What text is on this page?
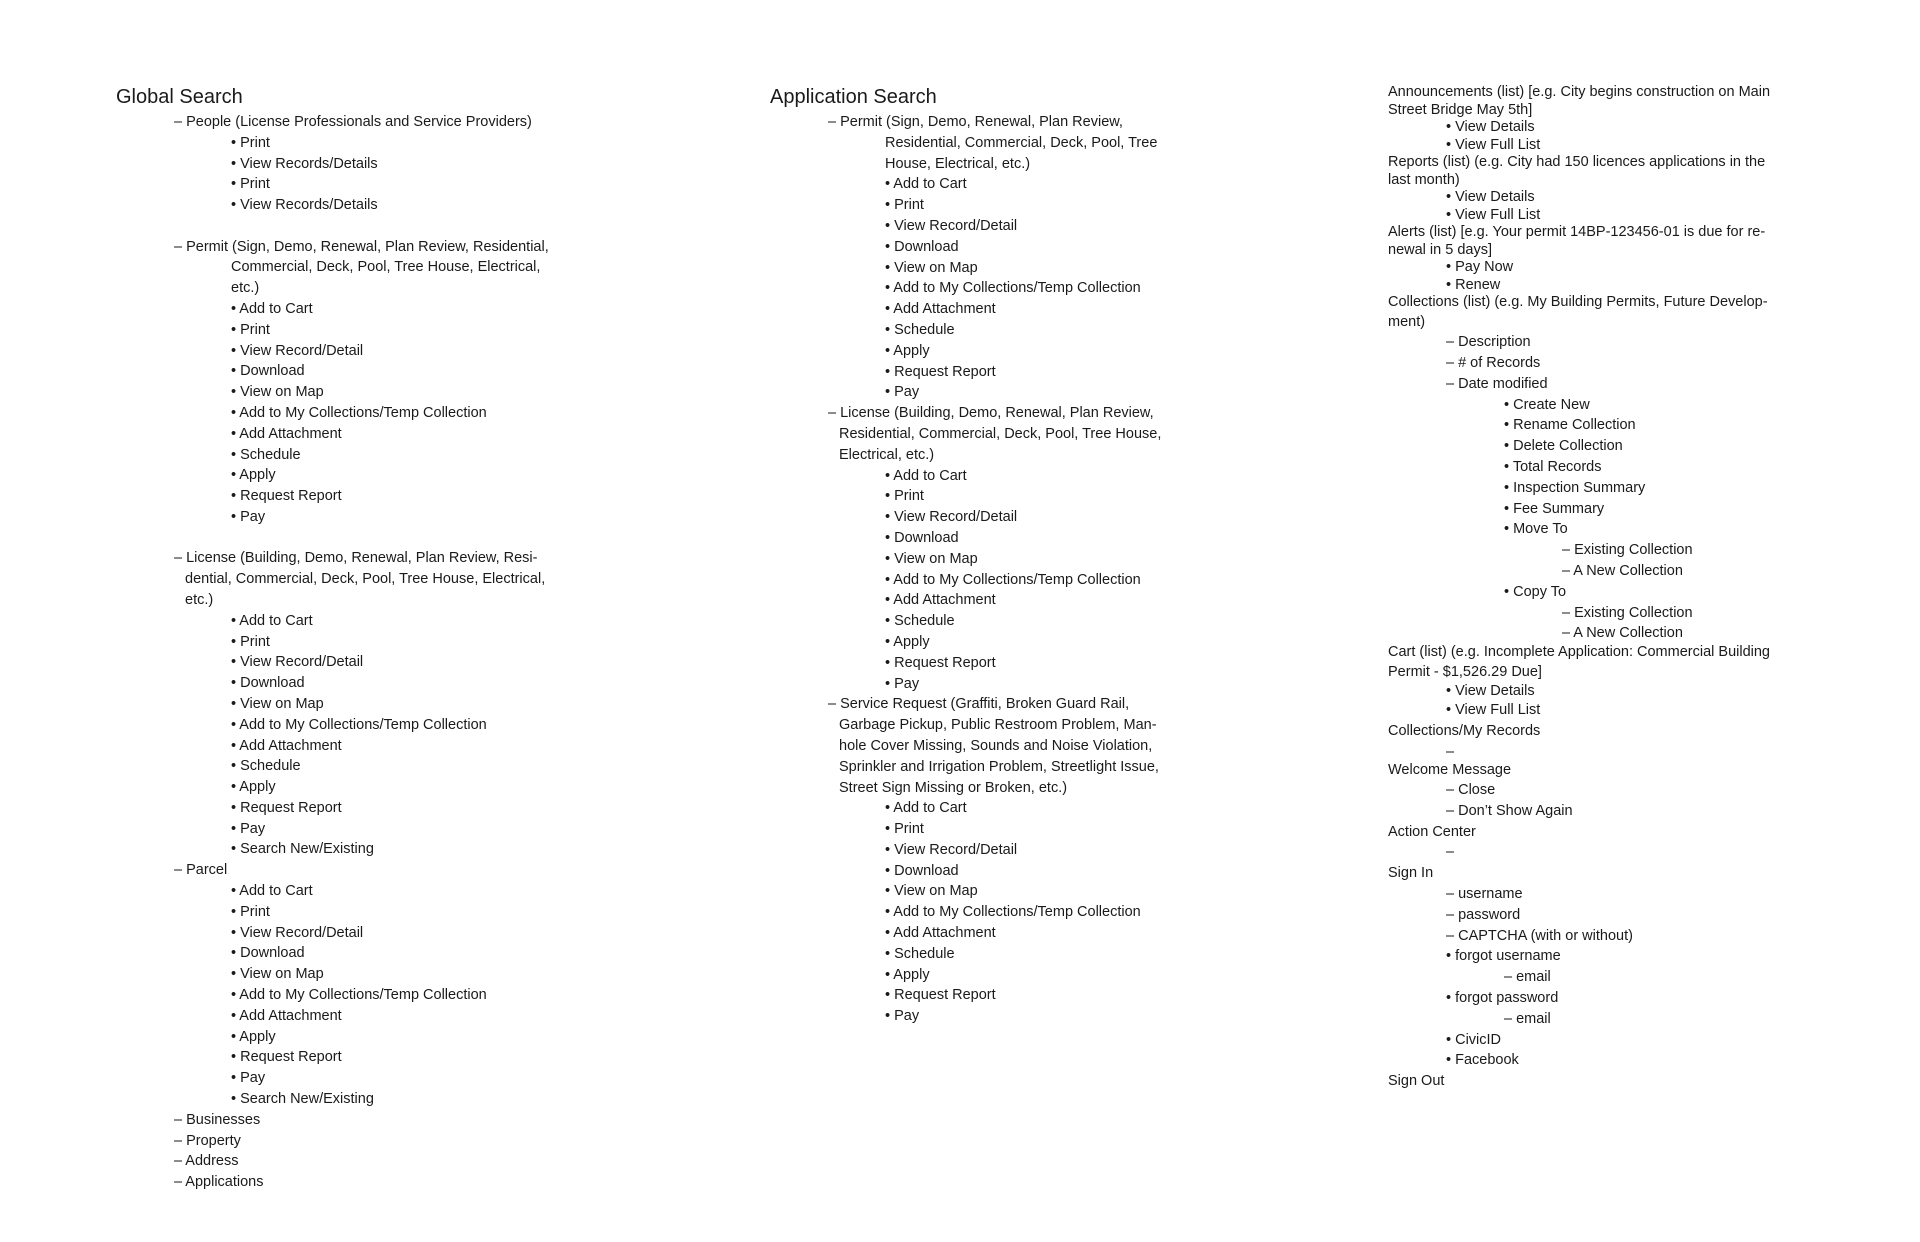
Global Search
– People (License Professionals and Service Providers)
• Print
• View Records/Details
• Print
• View Records/Details
– Permit (Sign, Demo, Renewal, Plan Review, Residential,
Commercial, Deck, Pool, Tree House, Electrical,
etc.)
• Add to Cart
• Print
• View Record/Detail
• Download
• View on Map
• Add to My Collections/Temp Collection
• Add Attachment
• Schedule
• Apply
• Request Report
• Pay
– License (Building, Demo, Renewal, Plan Review, Resi-
dential, Commercial, Deck, Pool, Tree House, Electrical,
etc.)
• Add to Cart
• Print
• View Record/Detail
• Download
• View on Map
• Add to My Collections/Temp Collection
• Add Attachment
• Schedule
• Apply
• Request Report
• Pay
• Search New/Existing
– Parcel
• Add to Cart
• Print
• View Record/Detail
• Download
• View on Map
• Add to My Collections/Temp Collection
• Add Attachment
• Apply
• Request Report
• Pay
• Search New/Existing
– Businesses
– Property
– Address
– Applications
Application Search
– Permit (Sign, Demo, Renewal, Plan Review,
Residential, Commercial, Deck, Pool, Tree
House, Electrical, etc.)
• Add to Cart
• Print
• View Record/Detail
• Download
• View on Map
• Add to My Collections/Temp Collection
• Add Attachment
• Schedule
• Apply
• Request Report
• Pay
– License (Building, Demo, Renewal, Plan Review,
Residential, Commercial, Deck, Pool, Tree House,
Electrical, etc.)
• Add to Cart
• Print
• View Record/Detail
• Download
• View on Map
• Add to My Collections/Temp Collection
• Add Attachment
• Schedule
• Apply
• Request Report
• Pay
– Service Request (Graffiti, Broken Guard Rail,
Garbage Pickup, Public Restroom Problem, Man-
hole Cover Missing, Sounds and Noise Violation,
Sprinkler and Irrigation Problem, Streetlight Issue,
Street Sign Missing or Broken, etc.)
• Add to Cart
• Print
• View Record/Detail
• Download
• View on Map
• Add to My Collections/Temp Collection
• Add Attachment
• Schedule
• Apply
• Request Report
• Pay
Announcements (list) [e.g. City begins construction on Main
Street Bridge May 5th]
• View Details
• View Full List
Reports (list) (e.g. City had 150 licences applications in the
last month)
• View Details
• View Full List
Alerts (list) [e.g. Your permit 14BP-123456-01 is due for re-
newal in 5 days]
• Pay Now
• Renew
Collections (list) (e.g. My Building Permits, Future Develop-
ment)
– Description
– # of Records
– Date modified
• Create New
• Rename Collection
• Delete Collection
• Total Records
• Inspection Summary
• Fee Summary
• Move To
– Existing Collection
– A New Collection
• Copy To
– Existing Collection
– A New Collection
Cart (list) (e.g. Incomplete Application: Commercial Building
Permit - $1,526.29 Due]
• View Details
• View Full List
Collections/My Records
–
Welcome Message
– Close
– Don’t Show Again
Action Center
–
Sign In
– username
– password
– CAPTCHA (with or without)
• forgot username
– email
• forgot password
– email
• CivicID
• Facebook
Sign Out
